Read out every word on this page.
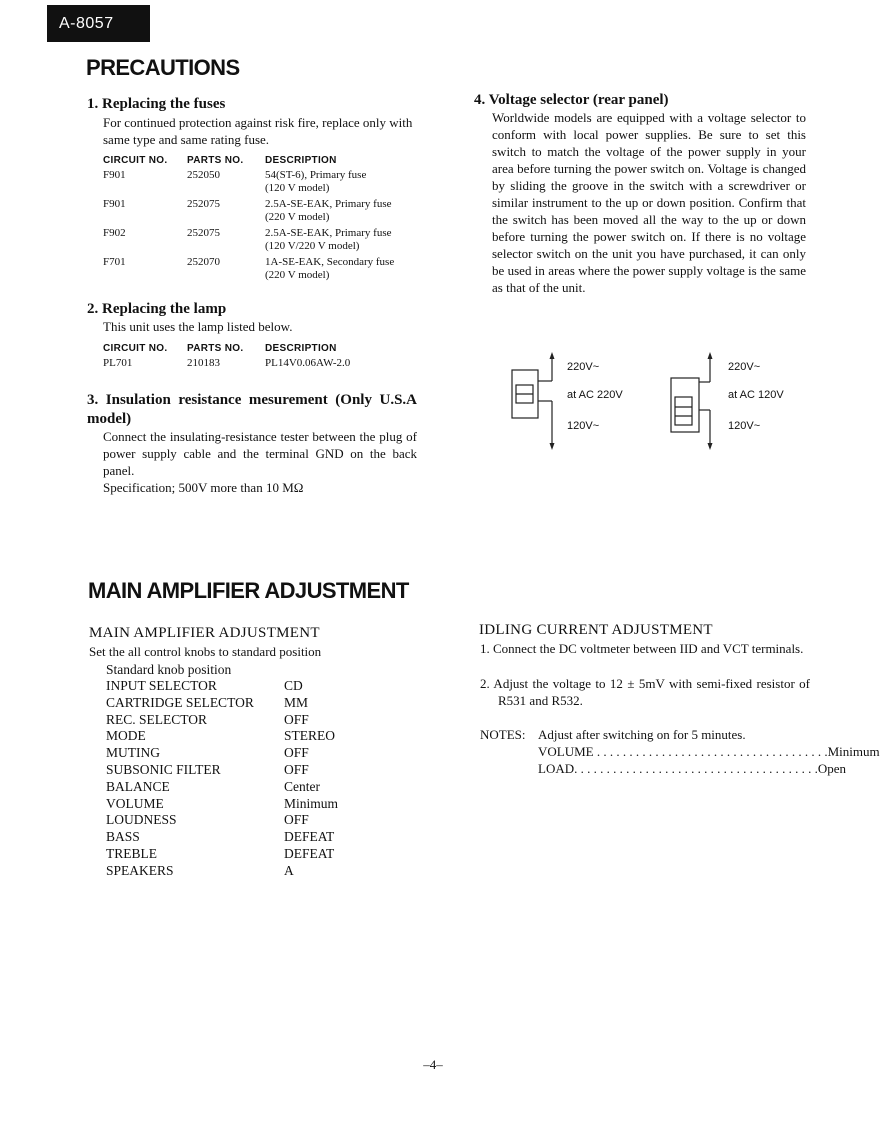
A-8057
PRECAUTIONS
1. Replacing the fuses
For continued protection against risk fire, replace only with same type and same rating fuse.
CIRCUIT NO.	PARTS NO.	DESCRIPTION
F901	252050	54(ST-6), Primary fuse
(120 V model)
F901	252075	2.5A-SE-EAK, Primary fuse
(220 V model)
F902	252075	2.5A-SE-EAK, Primary fuse
(120 V/220 V model)
F701	252070	1A-SE-EAK, Secondary fuse
(220 V model)
2. Replacing the lamp
This unit uses the lamp listed below.
CIRCUIT NO.	PARTS NO.	DESCRIPTION
PL701	210183	PL14V0.06AW-2.0
3. Insulation resistance mesurement (Only U.S.A model)
Connect the insulating-resistance tester between the plug of power supply cable and the terminal GND on the back panel.
Specification; 500V more than 10 MΩ
4. Voltage selector (rear panel)
Worldwide models are equipped with a voltage selector to conform with local power supplies. Be sure to set this switch to match the voltage of the power supply in your area before turning the power switch on. Voltage is changed by sliding the groove in the switch with a screwdriver or similar instrument to the up or down position. Confirm that the switch has been moved all the way to the up or down before turning the power switch on. If there is no voltage selector switch on the unit you have purchased, it can only be used in areas where the power supply voltage is the same as that of the unit.
220V~
at AC 220V
120V~
220V~
at AC 120V
120V~
MAIN AMPLIFIER ADJUSTMENT
MAIN AMPLIFIER ADJUSTMENT
Set the all control knobs to standard position
Standard knob position
INPUT SELECTOR	CD
CARTRIDGE SELECTOR	MM
REC. SELECTOR	OFF
MODE	STEREO
MUTING	OFF
SUBSONIC FILTER	OFF
BALANCE	Center
VOLUME	Minimum
LOUDNESS	OFF
BASS	DEFEAT
TREBLE	DEFEAT
SPEAKERS	A
IDLING CURRENT ADJUSTMENT
1. Connect the DC voltmeter between IID and VCT terminals.
2. Adjust the voltage to 12 ± 5mV with semi-fixed resistor of R531 and R532.
NOTES: Adjust after switching on for 5 minutes.
VOLUME . . . . . . . . . . . . . . . . . . . . . . . . . . . . . . . . . . . . Minimum
LOAD . . . . . . . . . . . . . . . . . . . . . . . . . . . . . . . . . . . . . . Open
–4–
